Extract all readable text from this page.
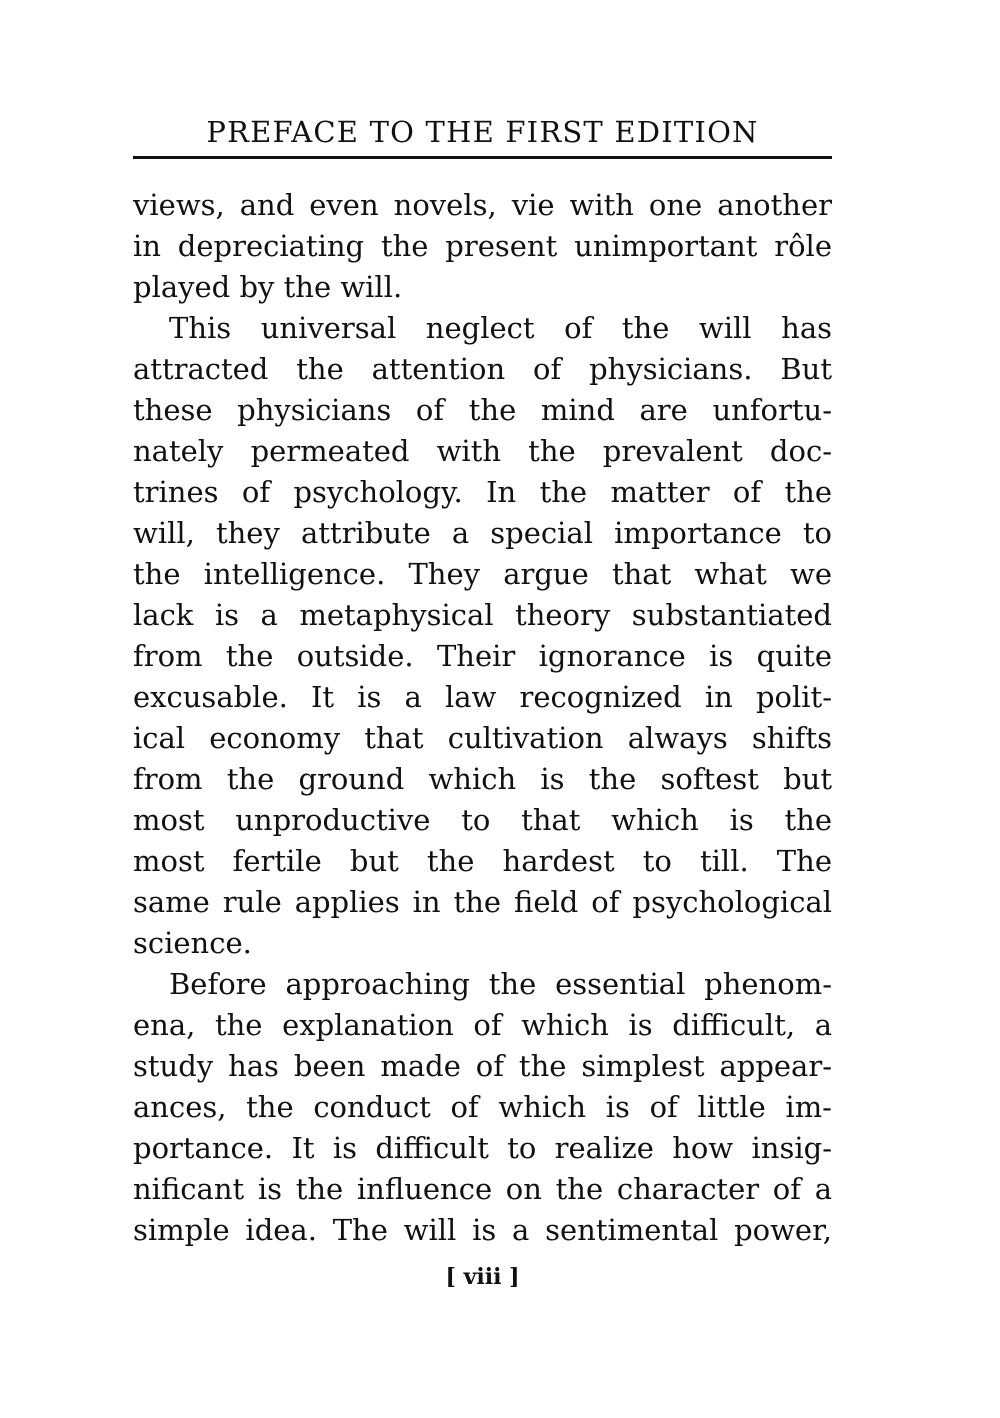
PREFACE TO THE FIRST EDITION
views, and even novels, vie with one another
in depreciating the present unimportant rôle
played by the will.
This universal neglect of the will has
attracted the attention of physicians. But
these physicians of the mind are unfortu-
nately permeated with the prevalent doc-
trines of psychology. In the matter of the
will, they attribute a special importance to
the intelligence. They argue that what we
lack is a metaphysical theory substantiated
from the outside. Their ignorance is quite
excusable. It is a law recognized in polit-
ical economy that cultivation always shifts
from the ground which is the softest but
most unproductive to that which is the
most fertile but the hardest to till. The
same rule applies in the field of psychological
science.
Before approaching the essential phenom-
ena, the explanation of which is difficult, a
study has been made of the simplest appear-
ances, the conduct of which is of little im-
portance. It is difficult to realize how insig-
nificant is the influence on the character of a
simple idea. The will is a sentimental power,
[ viii ]
